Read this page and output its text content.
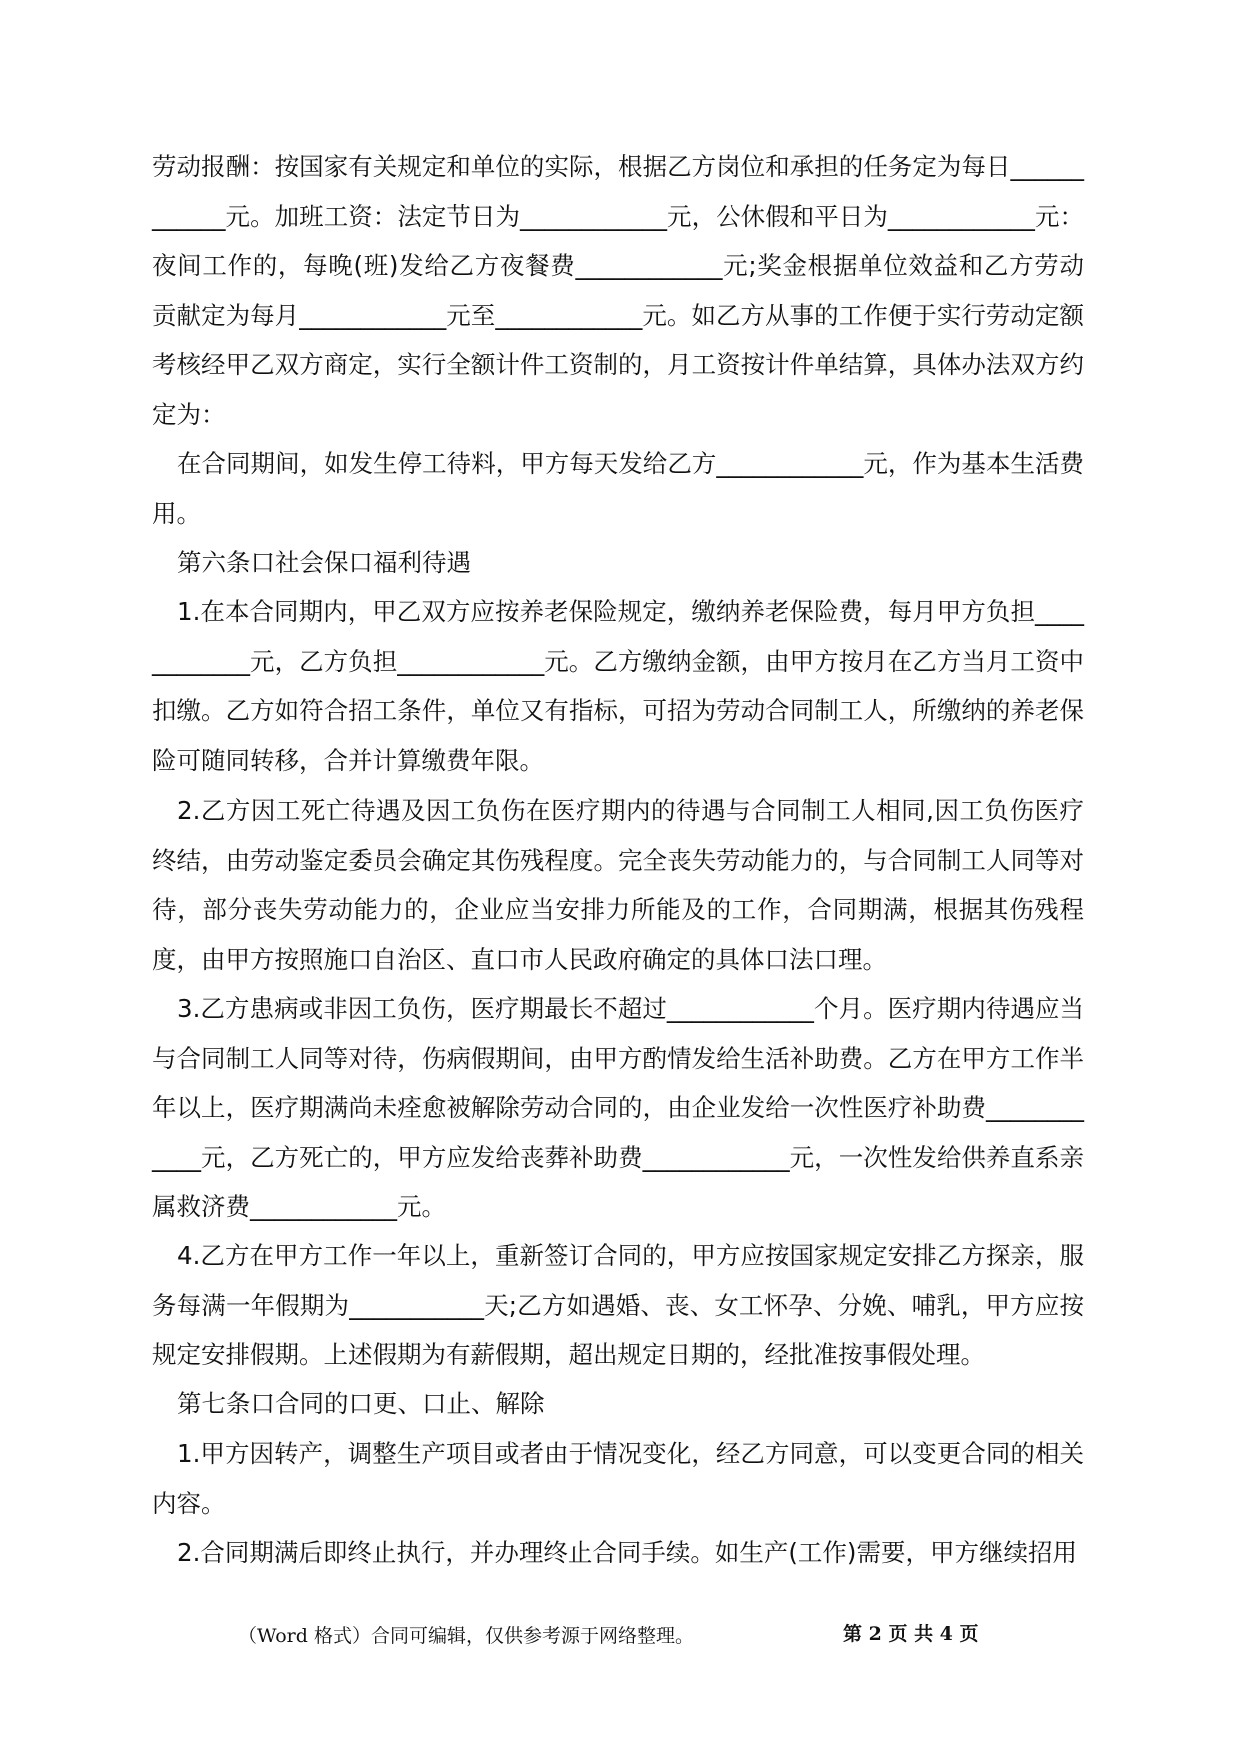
劳动报酬：按国家有关规定和单位的实际，根据乙方岗位和承担的任务定为每日____________元。加班工资：法定节日为____________元，公休假和平日为____________元：夜间工作的，每晚(班)发给乙方夜餐费____________元;奖金根据单位效益和乙方劳动贡献定为每月____________元至____________元。如乙方从事的工作便于实行劳动定额考核经甲乙双方商定，实行全额计件工资制的，月工资按计件单结算，具体办法双方约定为：

在合同期间，如发生停工待料，甲方每天发给乙方____________元，作为基本生活费用。

第六条口社会保口福利待遇

1.在本合同期内，甲乙双方应按养老保险规定，缴纳养老保险费，每月甲方负担____________元，乙方负担____________元。乙方缴纳金额，由甲方按月在乙方当月工资中扣缴。乙方如符合招工条件，单位又有指标，可招为劳动合同制工人，所缴纳的养老保险可随同转移，合并计算缴费年限。

2.乙方因工死亡待遇及因工负伤在医疗期内的待遇与合同制工人相同,因工负伤医疗终结，由劳动鉴定委员会确定其伤残程度。完全丧失劳动能力的，与合同制工人同等对待，部分丧失劳动能力的，企业应当安排力所能及的工作，合同期满，根据其伤残程度，由甲方按照施口自治区、直口市人民政府确定的具体口法口理。

3.乙方患病或非因工负伤，医疗期最长不超过____________个月。医疗期内待遇应当与合同制工人同等对待，伤病假期间，由甲方酌情发给生活补助费。乙方在甲方工作半年以上，医疗期满尚未痊愈被解除劳动合同的，由企业发给一次性医疗补助费____________元，乙方死亡的，甲方应发给丧葬补助费____________元，一次性发给供养直系亲属救济费____________元。

4.乙方在甲方工作一年以上，重新签订合同的，甲方应按国家规定安排乙方探亲，服务每满一年假期为___________天;乙方如遇婚、丧、女工怀孕、分娩、哺乳，甲方应按规定安排假期。上述假期为有薪假期，超出规定日期的，经批准按事假处理。

第七条口合同的口更、口止、解除

1.甲方因转产，调整生产项目或者由于情况变化，经乙方同意，可以变更合同的相关内容。

2.合同期满后即终止执行，并办理终止合同手续。如生产(工作)需要，甲方继续招用

（Word 格式）合同可编辑，仅供参考源于网络整理。	第 2 页 共 4 页
